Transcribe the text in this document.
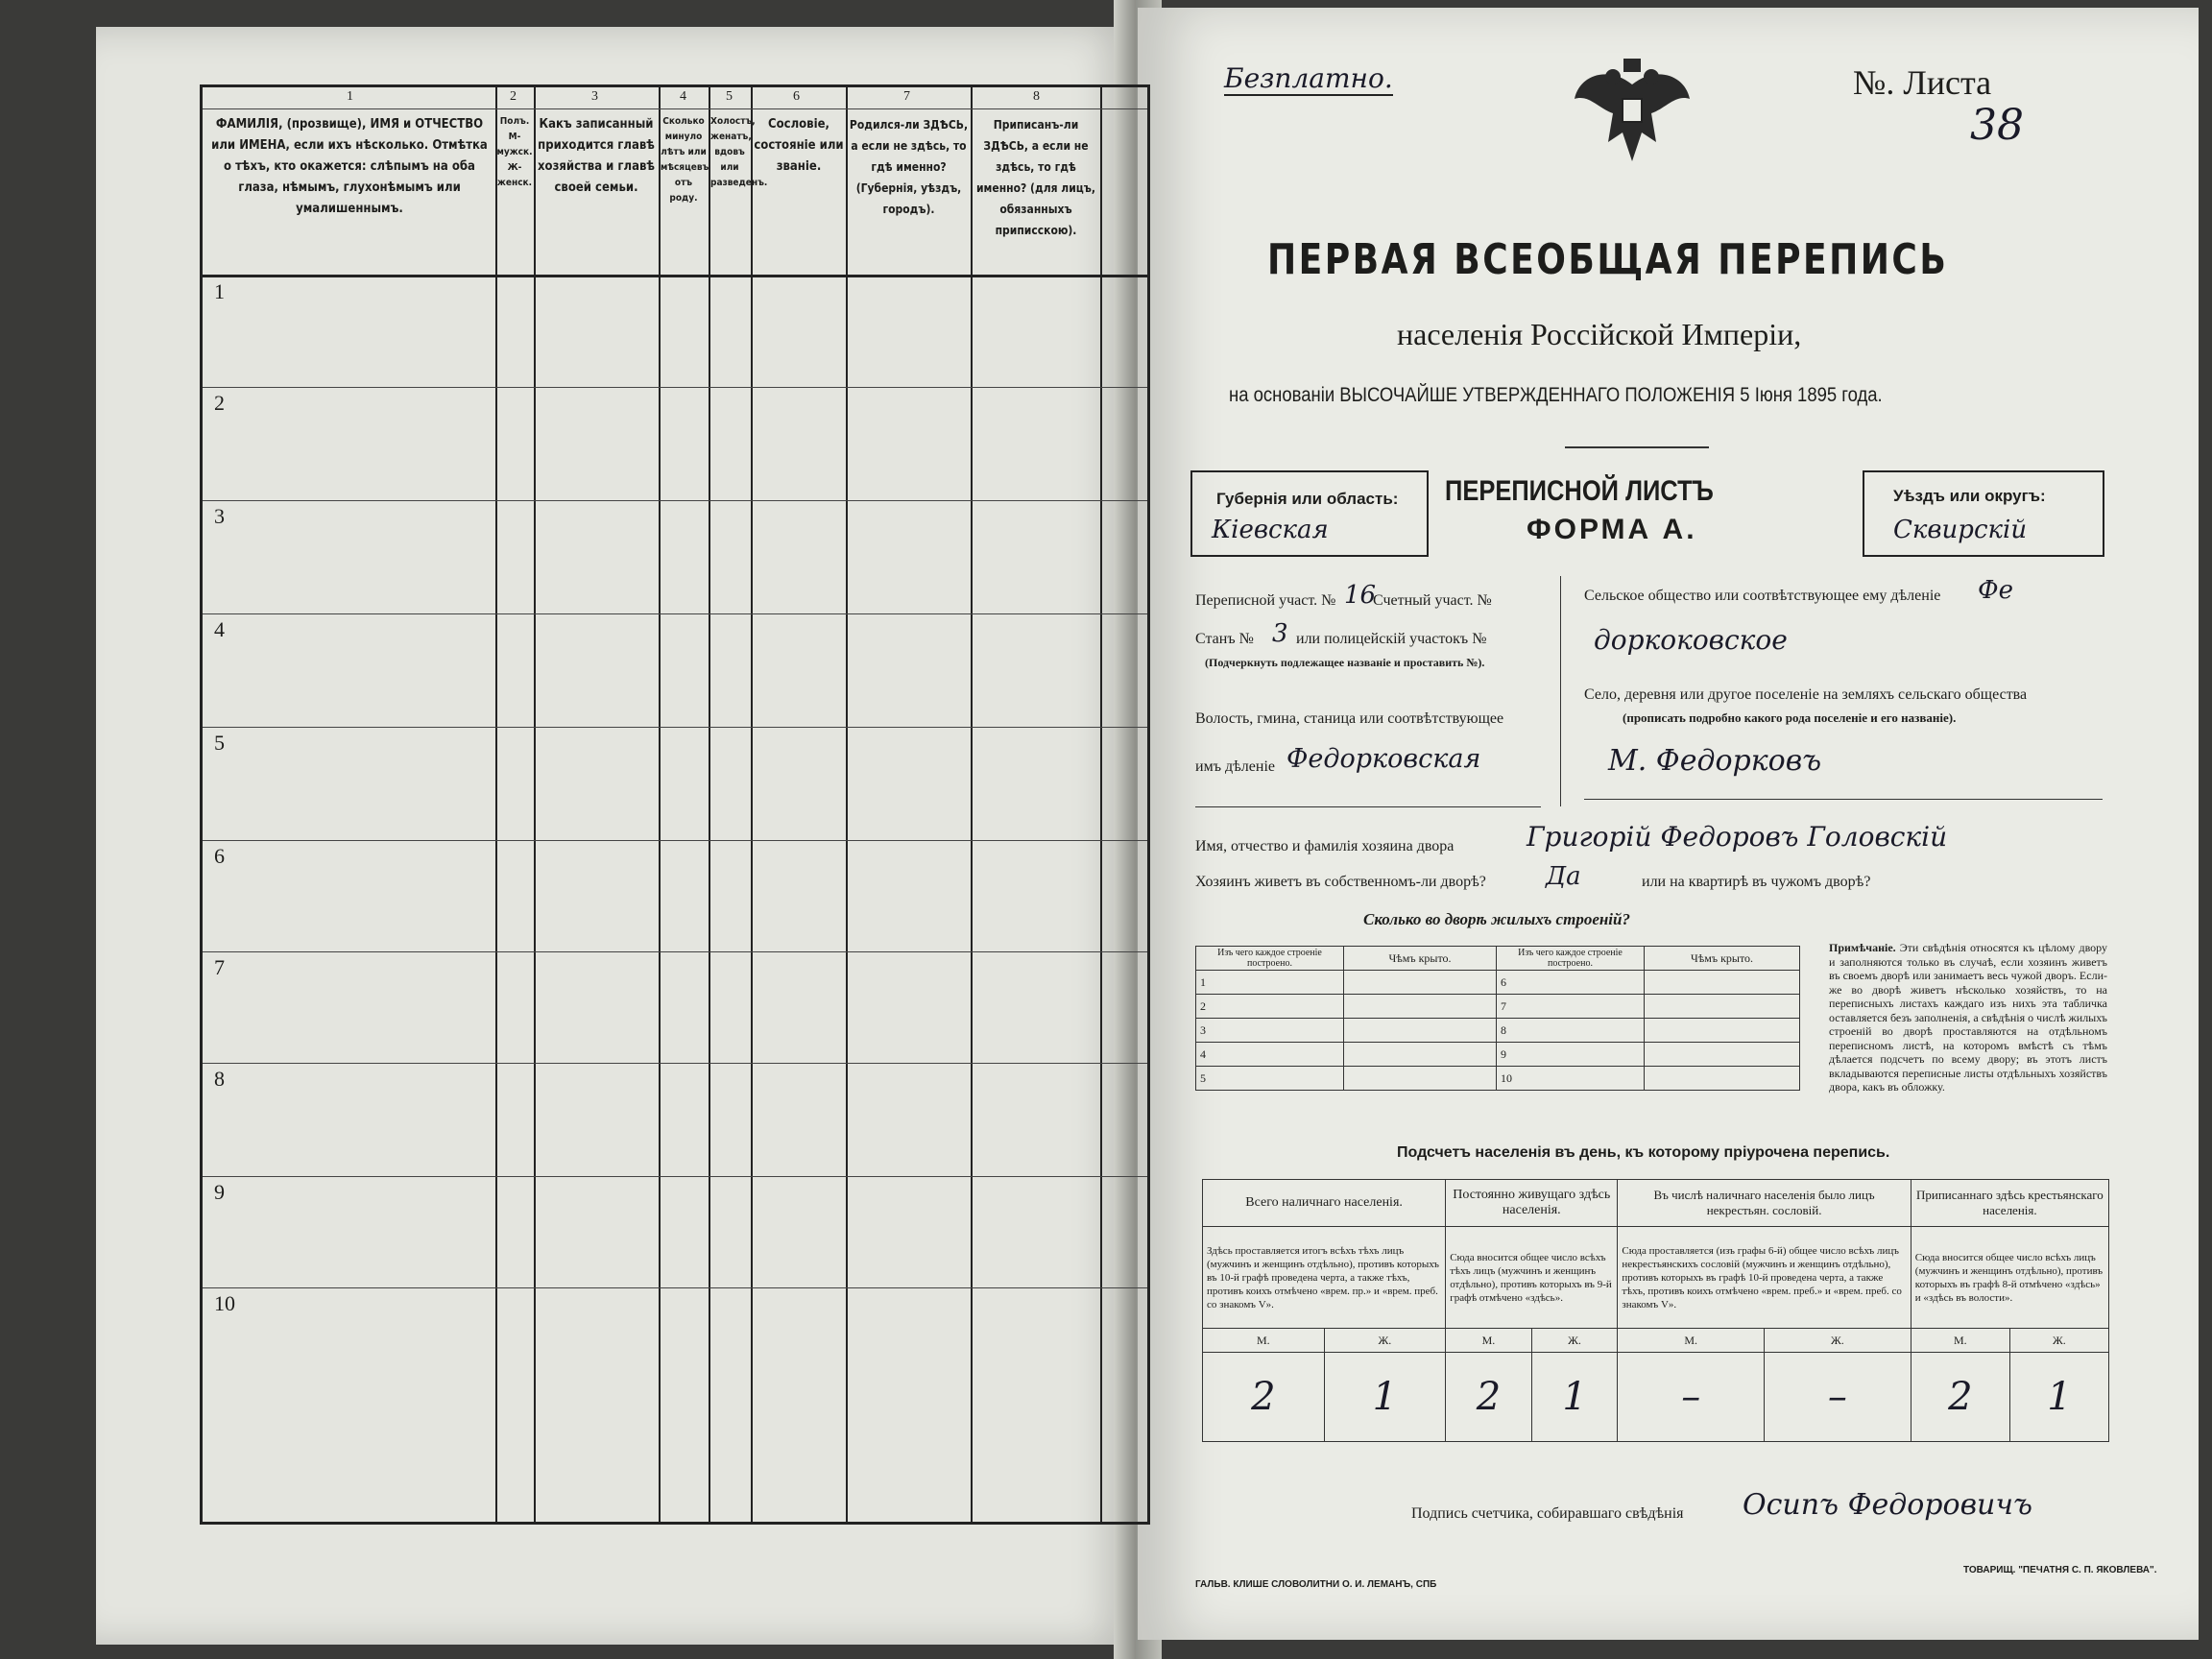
1	2	3	4	5	6	7	8
ФАМИЛІЯ, (прозвище), ИМЯ и ОТЧЕСТВО или ИМЕНА, если ихъ нѣсколько. Отмѣтка о тѣхъ, кто окажется: слѣпымъ на оба глаза, нѣмымъ, глухонѣмымъ или умалишеннымъ.
Полъ. М-мужск. Ж-женск.
Какъ записанный приходится главѣ хозяйства и главѣ своей семьи.
Сколько минуло лѣтъ или мѣсяцевъ отъ роду.
Холостъ, женатъ, вдовъ или разведенъ.
Сословіе, состояніе или званіе.
Родился-ли ЗДѢСЬ, а если не здѣсь, то гдѣ именно? (Губернія, уѣздъ, городъ).
Приписанъ-ли ЗДѢСЬ, а если не здѣсь, то гдѣ именно? (для лицъ, обязанныхъ приписскою).
1
2
3
4
5
6
7
8
9
10
Безплатно.	№. Листа
38
ПЕРВАЯ ВСЕОБЩАЯ ПЕРЕПИСЬ
населенія Россійской Имперіи,
на основаніи ВЫСОЧАЙШЕ УТВЕРЖДЕННАГО ПОЛОЖЕНІЯ 5 Іюня 1895 года.
Губернія или область:
Кіевская
ПЕРЕПИСНОЙ ЛИСТЪ
ФОРМА А.
Уѣздъ или округъ:
Сквирскій
Переписной участ. № 16
Счетный участ. №
Станъ № 3 или полицейскій участокъ №
(Подчеркнуть подлежащее названіе и проставить №).
Волость, гмина, станица или соотвѣтствующее
имъ дѣленіе Федорковская
Сельское общество или соотвѣтствующее ему дѣленіе Фе
доркоковское
Село, деревня или другое поселеніе на земляхъ сельскаго общества
(прописать подробно какого рода поселеніе и его названіе).
М. Федорковъ
Имя, отчество и фамилія хозяина двора	Григорій Федоровъ Головскій
Хозяинъ живетъ въ собственномъ-ли дворѣ? Да	или на квартирѣ въ чужомъ дворѣ?
Сколько во дворѣ жилыхъ строеній?
Изъ чего каждое строеніе построено.	Чѣмъ крыто.	Изъ чего каждое строеніе построено.	Чѣмъ крыто.
1		6	
2		7	
3		8	
4		9	
5		10	
Примѣчаніе. Эти свѣдѣнія относятся къ цѣлому двору и заполняются только въ случаѣ, если хозяинъ живетъ въ своемъ дворѣ или занимаетъ весь чужой дворъ. Если-же во дворѣ живетъ нѣсколько хозяйствъ, то на переписныхъ листахъ каждаго изъ нихъ эта табличка оставляется безъ заполненія, а свѣдѣнія о числѣ жилыхъ строеній во дворѣ проставляются на отдѣльномъ переписномъ листѣ, на которомъ вмѣстѣ съ тѣмъ дѣлается подсчетъ по всему двору; въ этотъ листъ вкладываются переписные листы отдѣльныхъ хозяйствъ двора, какъ въ обложку.
Подсчетъ населенія въ день, къ которому пріурочена перепись.
Всего наличнаго населенія.		Постоянно живущаго здѣсь населенія.		Въ числѣ наличнаго населенія было лицъ некрестьян. сословій.		Приписаннаго здѣсь крестьянскаго населенія.	
Здѣсь проставляется итогъ всѣхъ тѣхъ лицъ (мужчинъ и женщинъ отдѣльно), противъ которыхъ въ 10-й графѣ проведена черта, а также тѣхъ, противъ коихъ отмѣчено «врем. пр.» и «врем. преб. со знакомъ V».		Сюда вносится общее число всѣхъ тѣхъ лицъ (мужчинъ и женщинъ отдѣльно), противъ которыхъ въ 9-й графѣ отмѣчено «здѣсь».		Сюда проставляется (изъ графы 6-й) общее число всѣхъ лицъ некрестьянскихъ сословій (мужчинъ и женщинъ отдѣльно), противъ которыхъ въ графѣ 10-й проведена черта, а также тѣхъ, противъ коихъ отмѣчено «врем. преб.» и «врем. преб. со знакомъ V».		Сюда вносится общее число всѣхъ лицъ (мужчинъ и женщинъ отдѣльно), противъ которыхъ въ графѣ 8-й отмѣчено «здѣсь» и «здѣсь въ волости».	
М.	Ж.	М.	Ж.	М.	Ж.	М.	Ж.
2	1	2	1	–	–	2	1
Подпись счетчика, собиравшаго свѣдѣнія Осипъ Федоровичъ
ГАЛЬВ. КЛИШЕ СЛОВОЛИТНИ О. И. ЛЕМАНЪ, СПБ
ТОВАРИЩ. "ПЕЧАТНЯ С. П. ЯКОВЛЕВА".
